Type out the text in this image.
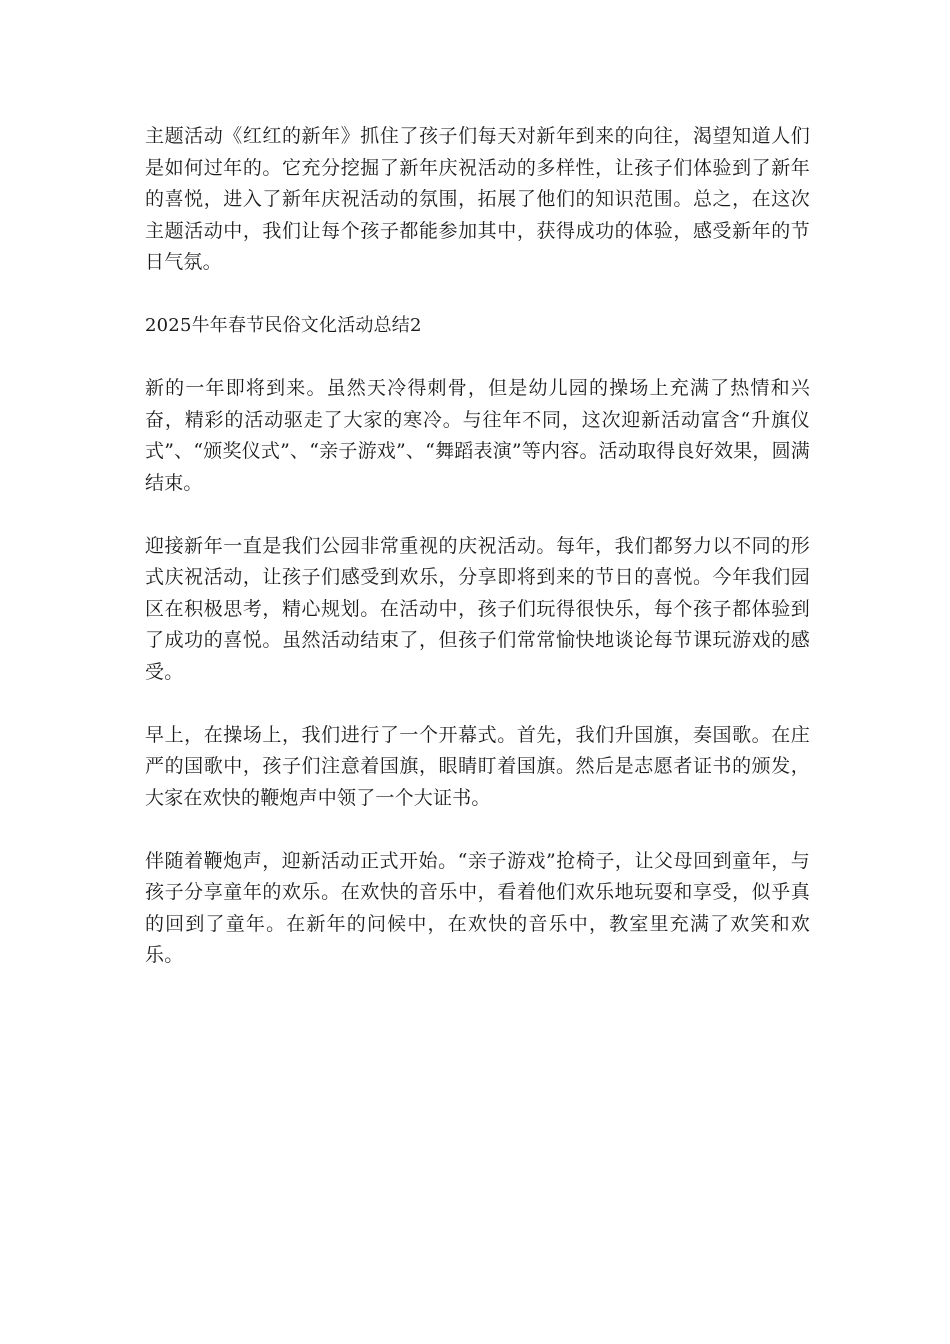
主题活动《红红的新年》抓住了孩子们每天对新年到来的向往，渴望知道人们是如何过年的。它充分挖掘了新年庆祝活动的多样性，让孩子们体验到了新年的喜悦，进入了新年庆祝活动的氛围，拓展了他们的知识范围。总之，在这次主题活动中，我们让每个孩子都能参加其中，获得成功的体验，感受新年的节日气氛。

2025牛年春节民俗文化活动总结2

新的一年即将到来。虽然天冷得刺骨，但是幼儿园的操场上充满了热情和兴奋，精彩的活动驱走了大家的寒冷。与往年不同，这次迎新活动富含“升旗仪式”、“颁奖仪式”、“亲子游戏”、“舞蹈表演”等内容。活动取得良好效果，圆满结束。

迎接新年一直是我们公园非常重视的庆祝活动。每年，我们都努力以不同的形式庆祝活动，让孩子们感受到欢乐，分享即将到来的节日的喜悦。今年我们园区在积极思考，精心规划。在活动中，孩子们玩得很快乐，每个孩子都体验到了成功的喜悦。虽然活动结束了，但孩子们常常愉快地谈论每节课玩游戏的感受。

早上，在操场上，我们进行了一个开幕式。首先，我们升国旗，奏国歌。在庄严的国歌中，孩子们注意着国旗，眼睛盯着国旗。然后是志愿者证书的颁发，大家在欢快的鞭炮声中领了一个大证书。

伴随着鞭炮声，迎新活动正式开始。“亲子游戏”抢椅子，让父母回到童年，与孩子分享童年的欢乐。在欢快的音乐中，看着他们欢乐地玩耍和享受，似乎真的回到了童年。在新年的问候中，在欢快的音乐中，教室里充满了欢笑和欢乐。
